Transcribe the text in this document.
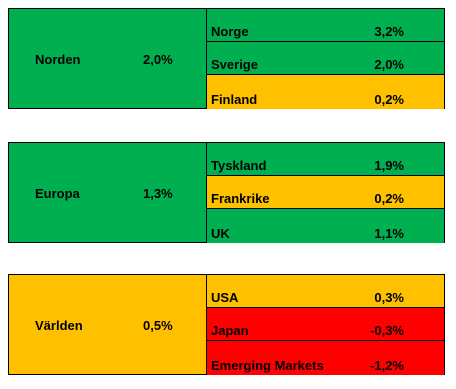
Norden	2,0%
Norge	3,2%
Sverige	2,0%
Finland	0,2%
Europa	1,3%
Tyskland	1,9%
Frankrike	0,2%
UK	1,1%
Världen	0,5%
USA	0,3%
Japan	-0,3%
Emerging Markets	-1,2%
